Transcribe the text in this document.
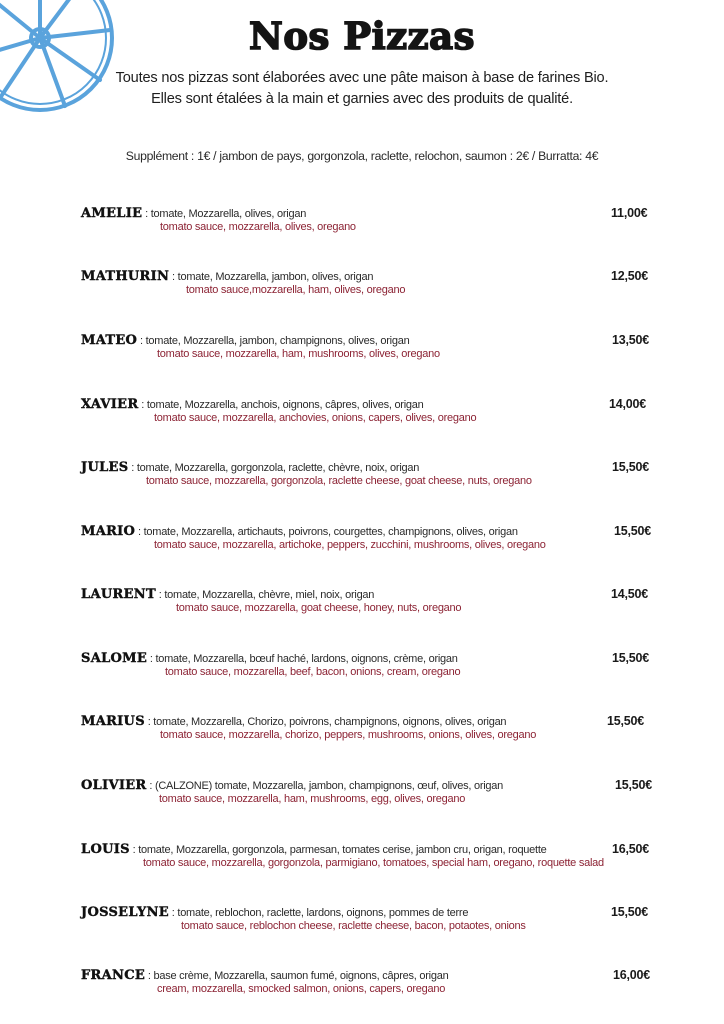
Nos Pizzas
Toutes nos pizzas sont élaborées avec une pâte maison à base de farines Bio.
Elles sont étalées à la main et garnies avec des produits de qualité.
Supplément : 1€ / jambon de pays, gorgonzola, raclette, relochon, saumon : 2€ / Burratta: 4€
AMELIE : tomate, Mozzarella, olives, origan
tomato sauce, mozzarella, olives, oregano
11,00€
MATHURIN : tomate, Mozzarella, jambon, olives, origan
tomato sauce,mozzarella, ham, olives, oregano
12,50€
MATEO : tomate, Mozzarella, jambon, champignons, olives, origan
tomato sauce, mozzarella, ham, mushrooms, olives, oregano
13,50€
XAVIER : tomate, Mozzarella, anchois, oignons, câpres, olives, origan
tomato sauce, mozzarella, anchovies, onions, capers, olives, oregano
14,00€
JULES : tomate, Mozzarella, gorgonzola, raclette, chèvre, noix, origan
tomato sauce, mozzarella, gorgonzola, raclette cheese, goat cheese, nuts, oregano
15,50€
MARIO : tomate, Mozzarella, artichauts, poivrons, courgettes, champignons, olives, origan
tomato sauce, mozzarella, artichoke, peppers, zucchini, mushrooms, olives, oregano
15,50€
LAURENT : tomate, Mozzarella, chèvre, miel, noix, origan
tomato sauce, mozzarella, goat cheese, honey, nuts, oregano
14,50€
SALOME : tomate, Mozzarella, bœuf haché, lardons, oignons, crème, origan
tomato sauce, mozzarella, beef, bacon, onions, cream, oregano
15,50€
MARIUS : tomate, Mozzarella, Chorizo, poivrons, champignons, oignons, olives, origan
tomato sauce, mozzarella, chorizo, peppers, mushrooms, onions, olives, oregano
15,50€
OLIVIER : (CALZONE) tomate, Mozzarella, jambon, champignons, œuf, olives, origan
tomato sauce, mozzarella, ham, mushrooms, egg, olives, oregano
15,50€
LOUIS : tomate, Mozzarella, gorgonzola, parmesan, tomates cerise, jambon cru, origan, roquette
tomato sauce, mozzarella, gorgonzola, parmigiano, tomatoes, special ham, oregano, roquette salad
16,50€
JOSSELYNE : tomate, reblochon, raclette, lardons, oignons, pommes de terre
tomato sauce, reblochon cheese, raclette cheese, bacon, potaotes, onions
15,50€
FRANCE : base crème, Mozzarella, saumon fumé, oignons, câpres, origan
cream, mozzarella, smocked salmon, onions, capers, oregano
16,00€
